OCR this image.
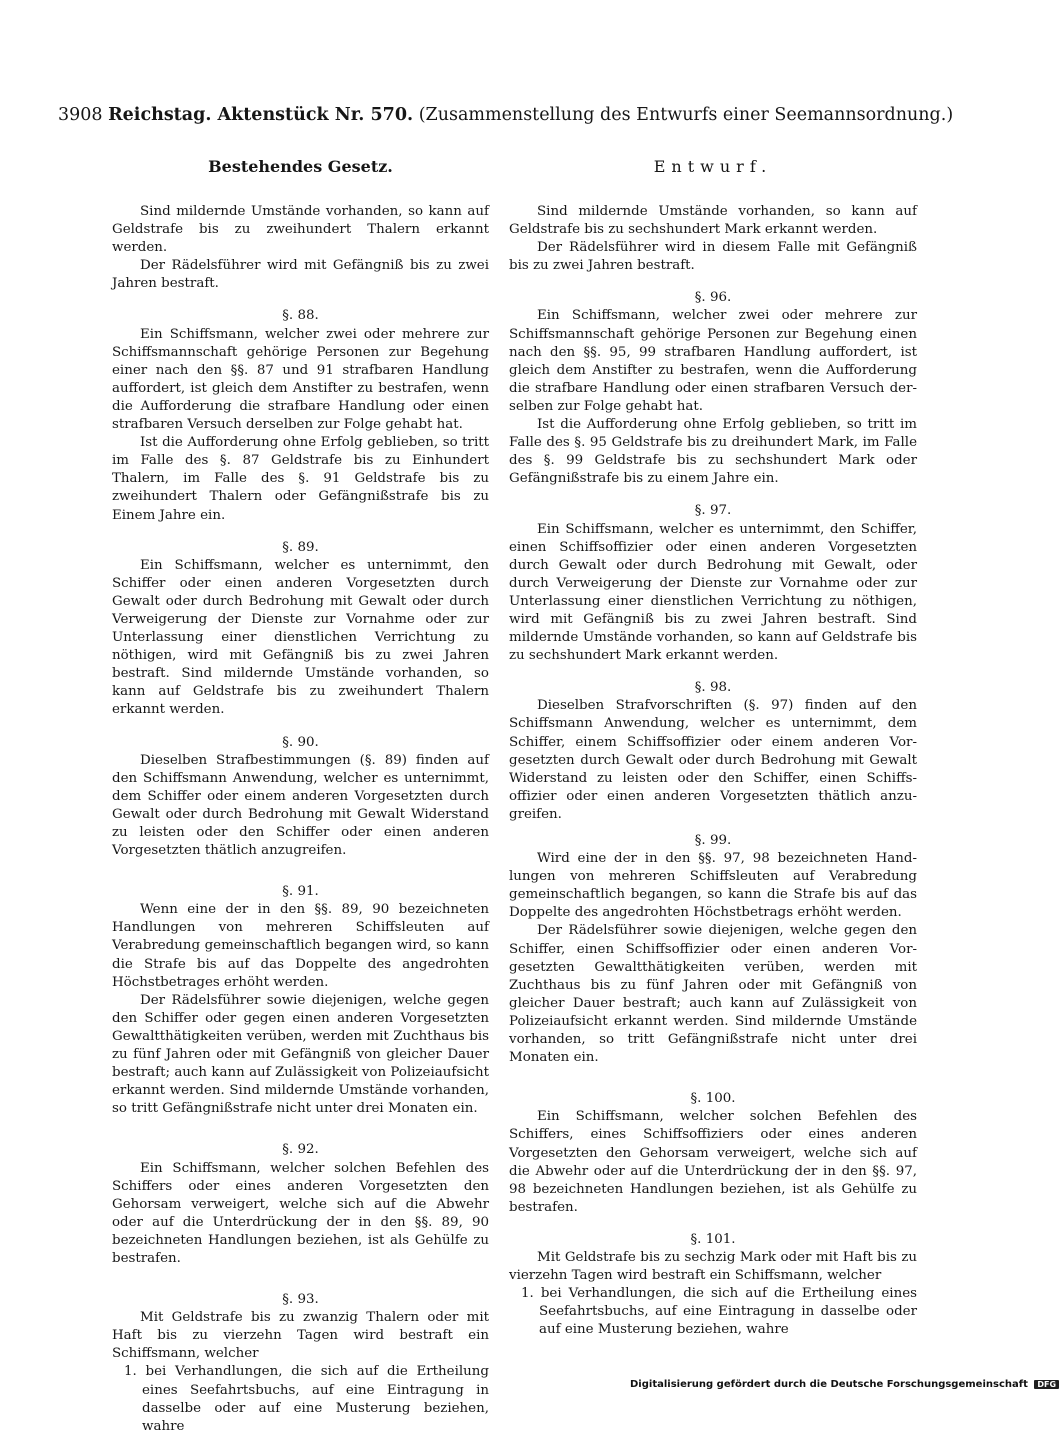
3908 Reichstag. Aktenstück Nr. 570. (Zusammenstellung des Entwurfs einer Seemannsordnung.)

Bestehendes Gesetz.

Sind mildernde Umstände vorhanden, so kann auf Geldstrafe bis zu zweihundert Thalern erkannt werden.

Der Rädelsführer wird mit Gefängniß bis zu zwei Jahren bestraft.

§. 88.

Ein Schiffsmann, welcher zwei oder mehrere zur Schiffsmannschaft gehörige Personen zur Begehung einer nach den §§. 87 und 91 strafbaren Handlung auffordert, ist gleich dem Anstifter zu bestrafen, wenn die Aufforderung die strafbare Handlung oder einen strafbaren Versuch derselben zur Folge gehabt hat.

Ist die Aufforderung ohne Erfolg geblieben, so tritt im Falle des §. 87 Geldstrafe bis zu Einhundert Thalern, im Falle des §. 91 Geldstrafe bis zu zweihundert Thalern oder Gefängnißstrafe bis zu Einem Jahre ein.

§. 89.

Ein Schiffsmann, welcher es unternimmt, den Schiffer oder einen anderen Vorgesetzten durch Gewalt oder durch Bedrohung mit Gewalt oder durch Verweigerung der Dienste zur Vornahme oder zur Unterlassung einer dienstlichen Verrichtung zu nöthigen, wird mit Gefängniß bis zu zwei Jahren bestraft. Sind mildernde Umstände vorhanden, so kann auf Geldstrafe bis zu zweihundert Thalern erkannt werden.

§. 90.

Dieselben Strafbestimmungen (§. 89) finden auf den Schiffsmann Anwendung, welcher es unternimmt, dem Schiffer oder einem anderen Vorgesetzten durch Gewalt oder durch Bedrohung mit Gewalt Widerstand zu leisten oder den Schiffer oder einen anderen Vorgesetzten thätlich anzugreifen.

§. 91.

Wenn eine der in den §§. 89, 90 bezeichneten Handlungen von mehreren Schiffsleuten auf Verabredung gemeinschaftlich begangen wird, so kann die Strafe bis auf das Doppelte des angedrohten Höchstbetrages erhöht werden.

Der Rädelsführer sowie diejenigen, welche gegen den Schiffer oder gegen einen anderen Vorgesetzten Gewaltthätigkeiten verüben, werden mit Zuchthaus bis zu fünf Jahren oder mit Gefängniß von gleicher Dauer bestraft; auch kann auf Zulässigkeit von Polizeiaufsicht erkannt werden. Sind mildernde Umstände vorhanden, so tritt Gefängnißstrafe nicht unter drei Monaten ein.

§. 92.

Ein Schiffsmann, welcher solchen Befehlen des Schiffers oder eines anderen Vorgesetzten den Gehorsam verweigert, welche sich auf die Abwehr oder auf die Unterdrückung der in den §§. 89, 90 bezeichneten Handlungen beziehen, ist als Gehülfe zu bestrafen.

§. 93.

Mit Geldstrafe bis zu zwanzig Thalern oder mit Haft bis zu vierzehn Tagen wird bestraft ein Schiffsmann, welcher

1. bei Verhandlungen, die sich auf die Ertheilung eines Seefahrtsbuchs, auf eine Eintragung in dasselbe oder auf eine Musterung beziehen, wahre

Entwurf.

Sind mildernde Umstände vorhanden, so kann auf Geldstrafe bis zu sechshundert Mark erkannt werden.

Der Rädelsführer wird in diesem Falle mit Gefängniß bis zu zwei Jahren bestraft.

§. 96.

Ein Schiffsmann, welcher zwei oder mehrere zur Schiffsmannschaft gehörige Personen zur Begehung einen nach den §§. 95, 99 strafbaren Handlung auffordert, ist gleich dem Anstifter zu bestrafen, wenn die Aufforderung die strafbare Handlung oder einen strafbaren Versuch derselben zur Folge gehabt hat.

Ist die Aufforderung ohne Erfolg geblieben, so tritt im Falle des §. 95 Geldstrafe bis zu dreihundert Mark, im Falle des §. 99 Geldstrafe bis zu sechshundert Mark oder Gefängnißstrafe bis zu einem Jahre ein.

§. 97.

Ein Schiffsmann, welcher es unternimmt, den Schiffer, einen Schiffsoffizier oder einen anderen Vorgesetzten durch Gewalt oder durch Bedrohung mit Gewalt, oder durch Verweigerung der Dienste zur Vornahme oder zur Unterlassung einer dienstlichen Verrichtung zu nöthigen, wird mit Gefängniß bis zu zwei Jahren bestraft. Sind mildernde Umstände vorhanden, so kann auf Geldstrafe bis zu sechshundert Mark erkannt werden.

§. 98.

Dieselben Strafvorschriften (§. 97) finden auf den Schiffsmann Anwendung, welcher es unternimmt, dem Schiffer, einem Schiffsoffizier oder einem anderen Vorgesetzten durch Gewalt oder durch Bedrohung mit Gewalt Widerstand zu leisten oder den Schiffer, einen Schiffsoffizier oder einen anderen Vorgesetzten thätlich anzugreifen.

§. 99.

Wird eine der in den §§. 97, 98 bezeichneten Handlungen von mehreren Schiffsleuten auf Verabredung gemeinschaftlich begangen, so kann die Strafe bis auf das Doppelte des angedrohten Höchstbetrags erhöht werden.

Der Rädelsführer sowie diejenigen, welche gegen den Schiffer, einen Schiffsoffizier oder einen anderen Vorgesetzten Gewaltthätigkeiten verüben, werden mit Zuchthaus bis zu fünf Jahren oder mit Gefängniß von gleicher Dauer bestraft; auch kann auf Zulässigkeit von Polizeiaufsicht erkannt werden. Sind mildernde Umstände vorhanden, so tritt Gefängnißstrafe nicht unter drei Monaten ein.

§. 100.

Ein Schiffsmann, welcher solchen Befehlen des Schiffers, eines Schiffsoffiziers oder eines anderen Vorgesetzten den Gehorsam verweigert, welche sich auf die Abwehr oder auf die Unterdrückung der in den §§. 97, 98 bezeichneten Handlungen beziehen, ist als Gehülfe zu bestrafen.

§. 101.

Mit Geldstrafe bis zu sechzig Mark oder mit Haft bis zu vierzehn Tagen wird bestraft ein Schiffsmann, welcher

1. bei Verhandlungen, die sich auf die Ertheilung eines Seefahrtsbuchs, auf eine Eintragung in dasselbe oder auf eine Musterung beziehen, wahre

Digitalisierung gefördert durch die Deutsche Forschungsgemeinschaft DFG
